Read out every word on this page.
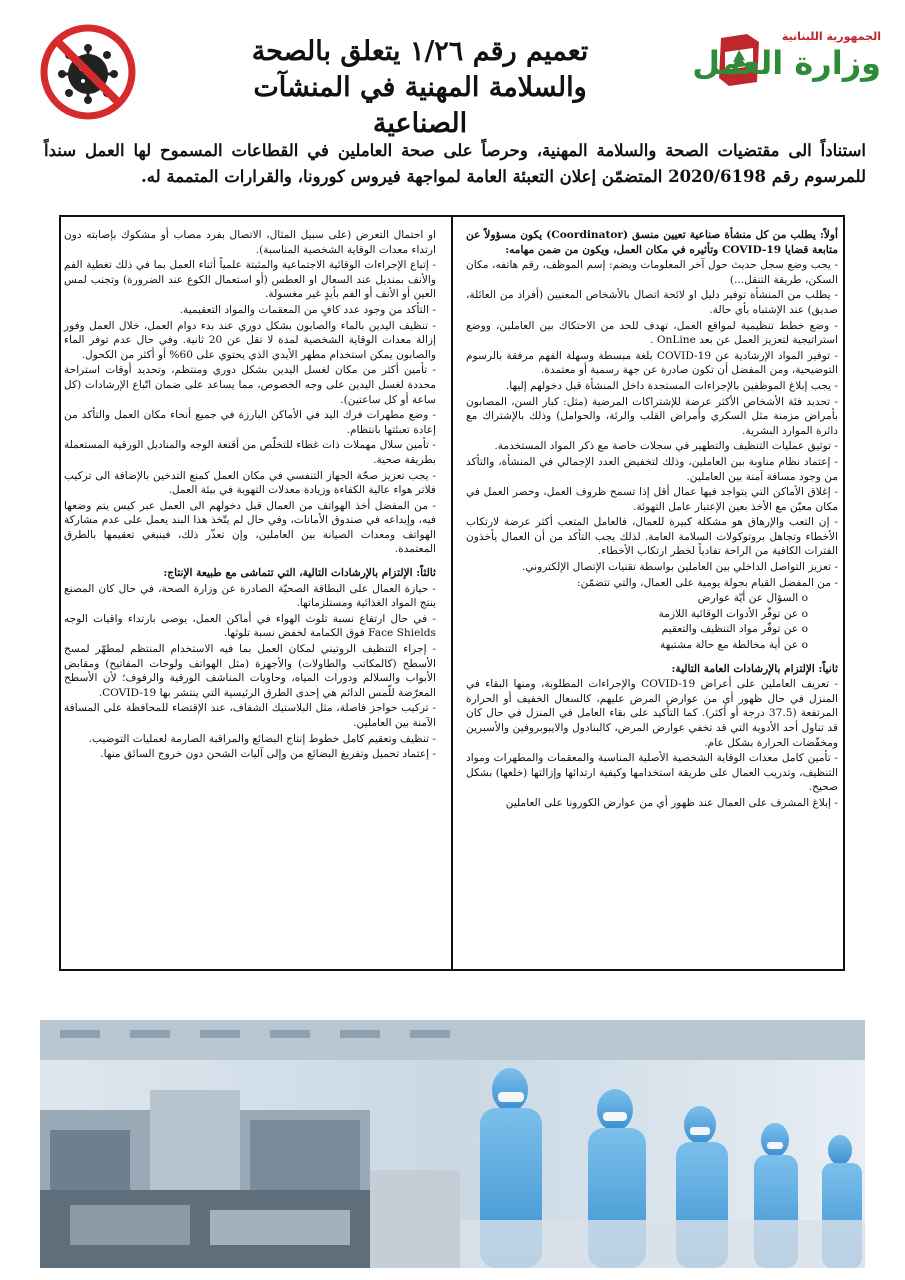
الجمهورية اللبنانية
وزارة العمل
تعميم رقم ١/٢٦ يتعلق بالصحة
والسلامة المهنية في المنشآت الصناعية
استناداً الى مقتضيات الصحة والسلامة المهنية، وحرصاً على صحة العاملين في القطاعات المسموح لها العمل سنداً للمرسوم رقم 2020/6198 المتضمّن إعلان التعبئة العامة لمواجهة فيروس كورونا، والقرارات المتممة له.

أولاً: يطلب من كل منشأة صناعية تعيين منسق (Coordinator) يكون مسؤولاً عن متابعة قضايا COVID-19 وتأثيره في مكان العمل، ويكون من ضمن مهامه:

- يجب وضع سجل حديث حول آخر المعلومات ويضم: إسم الموظف، رقم هاتفه، مكان السكن، طريقة التنقل...)

- يطلب من المنشأة توفير دليل او لائحة اتصال بالأشخاص المعنيين (أفراد من العائلة، صديق) عند الإشتباه بأي حالة.

- وضع خطط تنظيمية لمواقع العمل، تهدف للحد من الاحتكاك بين العاملين، ووضع استراتيجية لتعزيز العمل عن بعد OnLine .

- توفير المواد الإرشادية عن COVID-19 بلغة مبسطة وسهلة الفهم مرفقة بالرسوم التوضيحية، ومن المفضل أن تكون صادرة عن جهة رسمية أو معتمدة.

- يجب إبلاغ الموظفين بالإجراءات المستجدة داخل المنشأة قبل دخولهم إليها.

- تحديد فئة الأشخاص الأكثر عرضة للإشتراكات المرضية (مثل: كبار السن، المصابون بأمراض مزمنة مثل السكري وأمراض القلب والرئة، والحوامل) وذلك بالإشتراك مع دائرة الموارد البشرية.

- توثيق عمليات التنظيف والتطهير في سجلات خاصة مع ذكر المواد المستخدمة.

- إعتماد نظام مناوبة بين العاملين، وذلك لتخفيض العدد الإجمالي في المنشأة، والتأكد من وجود مسافة آمنة بين العاملين.

- إغلاق الأماكن التي يتواجد فيها عمال أقل إذا تسمح ظروف العمل، وحصر العمل في مكان معيّن مع الأخذ بعين الإعتبار عامل التهوئة.

- إن التعب والإرهاق هو مشكلة كبيرة للعمال، فالعامل المتعب أكثر عرضة لارتكاب الأخطاء وتجاهل بروتوكولات السلامة العامة. لذلك يجب التأكد من أن العمال يأخذون الفترات الكافية من الراحة تفادياً لخطر ارتكاب الأخطاء.

- تعزيز التواصل الداخلي بين العاملين بواسطة تقنيات الإتصال الإلكتروني.

- من المفضل القيام بجولة يومية على العمال، والتي تتضمّن:

o السؤال عن أيّة عوارض

o عن توفّر الأدوات الوقائية اللازمة

o عن توفّر مواد التنظيف والتعقيم

o عن أية مخالطة مع حالة مشتبهة

ثانياً: الإلتزام بالإرشادات العامة التالية:

- تعريف العاملين على أعراض COVID-19 والإجراءات المطلوبة، ومنها البقاء في المنزل في حال ظهور أي من عوارض المرض عليهم، كالسعال الخفيف أو الحرارة المرتفعة (37.5 درجة أو أكثر). كما التأكيد على بقاء العامل في المنزل في حال كان قد تناول أحد الأدوية التي قد تخفي عوارض المرض، كالبنادول والايبوبروفين والأسبرين ومخفّضات الحرارة بشكل عام.

- تأمين كامل معدات الوقاية الشخصية الأصلية المناسبة والمعقمات والمطهرات ومواد التنظيف، وتدريب العمال على طريقة استخدامها وكيفية ارتدائها وإزالتها (خلعها) بشكل صحيح.

- إبلاغ المشرف على العمال عند ظهور أي من عوارض الكورونا على العاملين

او احتمال التعرض (على سبيل المثال، الاتصال بفرد مصاب أو مشكوك بإصابته دون ارتداء معدات الوقاية الشخصية المناسبة).

- إتباع الإجراءات الوقائية الاجتماعية والمثبتة علمياً أثناء العمل بما في ذلك تغطية الفم والأنف بمنديل عند السعال او العطس (أو استعمال الكوع عند الضرورة) وتجنب لمس العين أو الأنف أو الفم بأيدٍ غير مغسولة.

- التأكد من وجود عدد كافٍ من المعقمات والمواد التعقيمية.

- تنظيف اليدين بالماء والصابون بشكل دوري عند بدء دوام العمل، خلال العمل وفور إزالة معدات الوقاية الشخصية لمدة لا تقل عن 20 ثانية. وفي حال عدم توفر الماء والصابون يمكن استخدام مطهر الأيدي الذي يحتوي على 60% أو أكثر من الكحول.

- تأمين أكثر من مكان لغسل اليدين بشكل دوري ومنتظم، وتحديد أوقات استراحة محددة لغسل اليدين على وجه الخصوص، مما يساعد على ضمان اتّباع الإرشادات (كل ساعة أو كل ساعتين).

- وضع مطهرات فرك اليد في الأماكن البارزة في جميع أنحاء مكان العمل والتأكد من إعادة تعبئتها بانتظام.

- تأمين سلال مهملات ذات غطاء للتخلّص من أقنعة الوجه والمناديل الورقية المستعملة بطريقة صحية.

- يجب تعزيز صحّة الجهاز التنفسي في مكان العمل كمنع التدخين بالإضافة الى تركيب فلاتر هواء عالية الكفاءة وزيادة معدلات التهوية في بيئة العمل.

- من المفضل أخذ الهواتف من العمال قبل دخولهم الى العمل عبر كيس يتم وضعها فيه، وإيداعه في صندوق الأمانات، وفي حال لم يتّخذ هذا البند يعمل على عدم مشاركة الهواتف ومعدات الصيانة بين العاملين، وإن تعذّر ذلك، فينبغي تعقيمها بالطرق المعتمدة.

ثالثاً: الإلتزام بالإرشادات التالية، التي تتماشى مع طبيعة الإنتاج:

- حيازة العمال على البطاقة الصحيّة الصادرة عن وزارة الصحة، في حال كان المصنع ينتج المواد الغذائية ومستلزماتها.

- في حال ارتفاع نسبة تلوث الهواء في أماكن العمل، يوصى بارتداء واقيات الوجه Face Shields فوق الكمامة لخفض نسبة تلوثها.

- إجراء التنظيف الروتيني لمكان العمل بما فيه الاستخدام المنتظم لمطهّر لمسح الأسطح (كالمكاتب والطاولات) والأجهزة (مثل الهواتف ولوحات المفاتيح) ومقابض الأبواب والسلالم ودورات المياه، وحاويات المناشف الورقية والرفوف؛ لأن الأسطح المعرّضة للّمس الدائم هي إحدى الطرق الرئيسية التي ينتشر بها COVID-19.

- تركيب حواجز فاصلة، مثل البلاستيك الشفاف، عند الإقتضاء للمحافظة على المسافة الآمنة بين العاملين.

- تنظيف وتعقيم كامل خطوط إنتاج البضائع والمراقبة الصارمة لعمليات التوضيب.

- إعتماد تحميل وتفريغ البضائع من وإلى آليات الشحن دون خروج السائق منها.
